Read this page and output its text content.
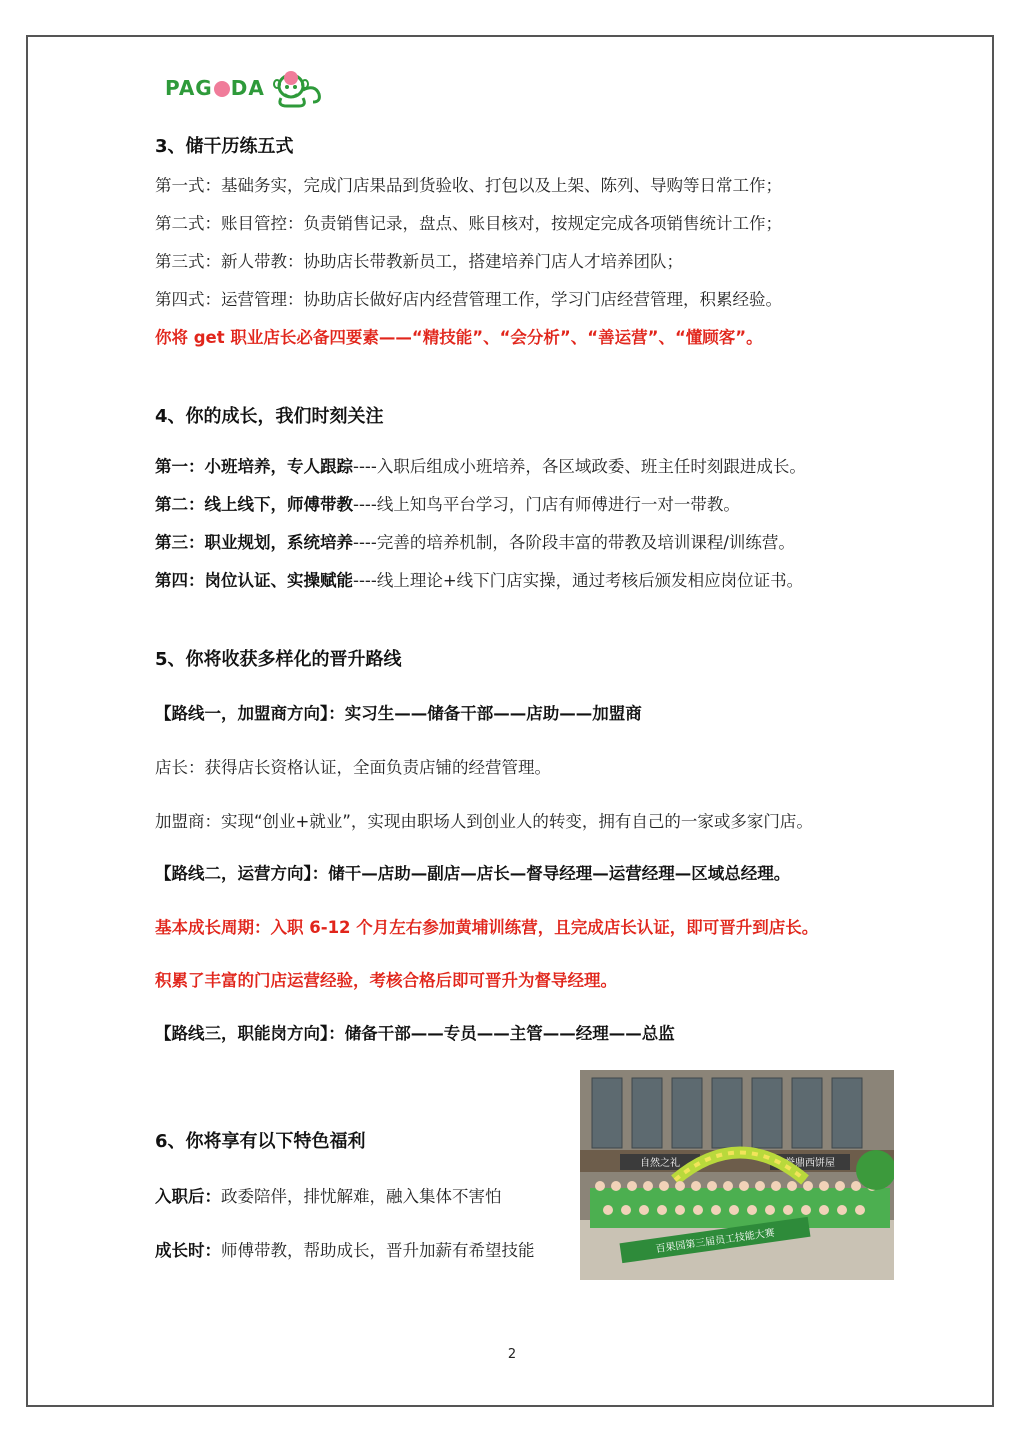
PAG DA
3、储干历练五式
第一式：基础务实，完成门店果品到货验收、打包以及上架、陈列、导购等日常工作；
第二式：账目管控：负责销售记录，盘点、账目核对，按规定完成各项销售统计工作；
第三式：新人带教：协助店长带教新员工，搭建培养门店人才培养团队；
第四式：运营管理：协助店长做好店内经营管理工作，学习门店经营管理，积累经验。
你将 get 职业店长必备四要素——“精技能”、“会分析”、“善运营”、“懂顾客”。
4、你的成长，我们时刻关注
第一：小班培养，专人跟踪----入职后组成小班培养，各区域政委、班主任时刻跟进成长。
第二：线上线下，师傅带教----线上知鸟平台学习，门店有师傅进行一对一带教。
第三：职业规划，系统培养----完善的培养机制，各阶段丰富的带教及培训课程/训练营。
第四：岗位认证、实操赋能----线上理论+线下门店实操，通过考核后颁发相应岗位证书。
5、你将收获多样化的晋升路线
【路线一，加盟商方向】：实习生——储备干部——店助——加盟商
店长：获得店长资格认证，全面负责店铺的经营管理。
加盟商：实现“创业+就业”，实现由职场人到创业人的转变，拥有自己的一家或多家门店。
【路线二，运营方向】：储干—店助—副店—店长—督导经理—运营经理—区域总经理。
基本成长周期：入职 6-12 个月左右参加黄埔训练营，且完成店长认证，即可晋升到店长。
积累了丰富的门店运营经验，考核合格后即可晋升为督导经理。
【路线三，职能岗方向】：储备干部——专员——主管——经理——总监
6、你将享有以下特色福利
入职后：政委陪伴，排忧解难，融入集体不害怕
成长时：师傅带教，帮助成长，晋升加薪有希望技能
自然之礼	誉鼎西饼屋
百果园第三届员工技能大赛
2
